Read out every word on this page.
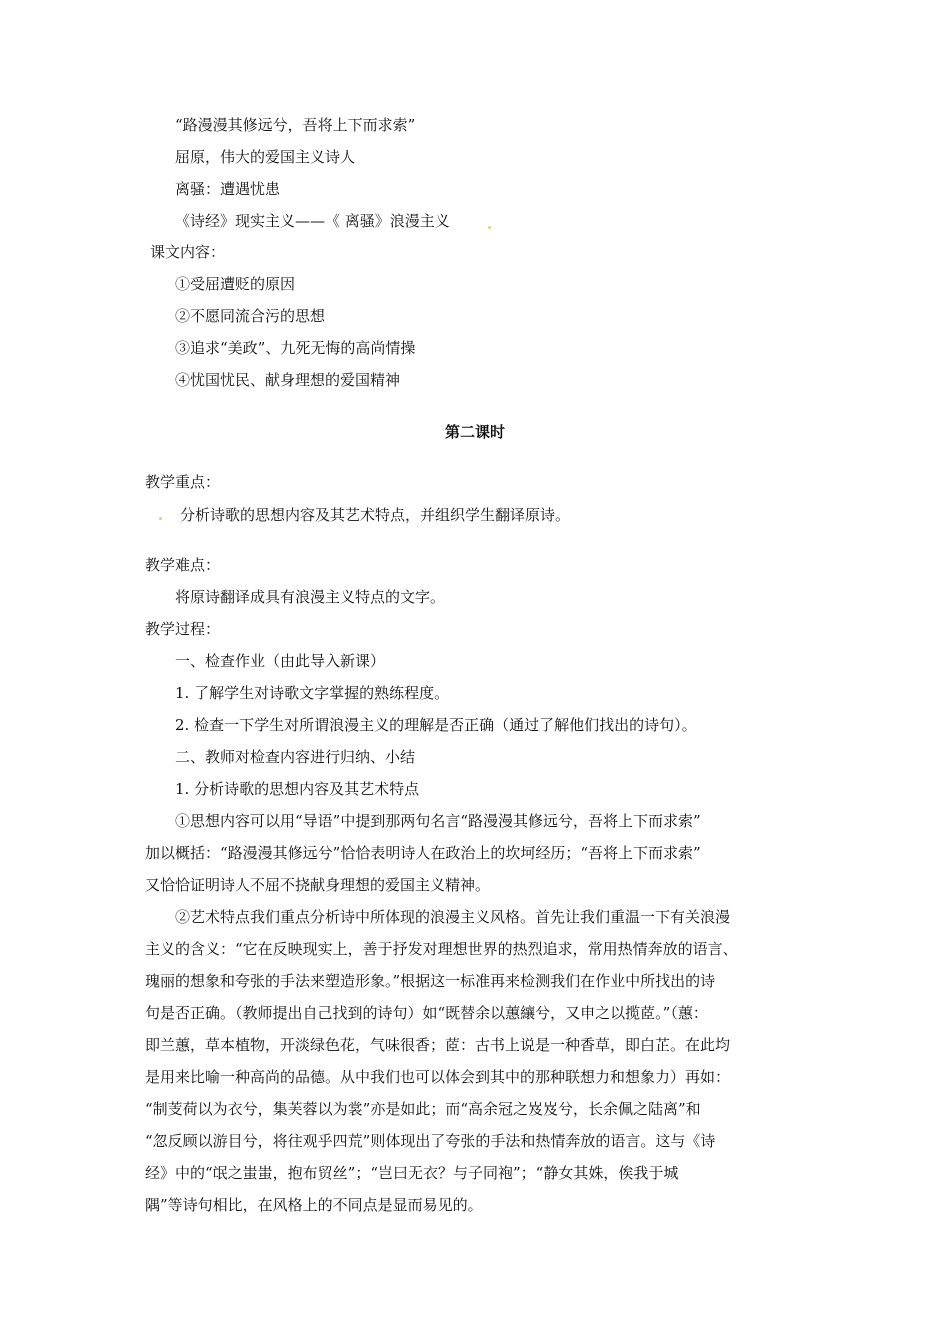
“路漫漫其修远兮，吾将上下而求索”
屈原，伟大的爱国主义诗人
离骚：遭遇忧患
《诗经》现实主义——《 离骚》浪漫主义
课文内容：
①受屈遭贬的原因
②不愿同流合污的思想
③追求“美政”、九死无悔的高尚情操
④忧国忧民、献身理想的爱国精神
第二课时
教学重点：
分析诗歌的思想内容及其艺术特点，并组织学生翻译原诗。
教学难点：
将原诗翻译成具有浪漫主义特点的文字。
教学过程：
一、检查作业（由此导入新课）
1. 了解学生对诗歌文字掌握的熟练程度。
2. 检查一下学生对所谓浪漫主义的理解是否正确（通过了解他们找出的诗句）。
二、教师对检查内容进行归纳、小结
1. 分析诗歌的思想内容及其艺术特点
①思想内容可以用“导语”中提到那两句名言“路漫漫其修远兮，吾将上下而求索”
加以概括：“路漫漫其修远兮”恰恰表明诗人在政治上的坎坷经历；“吾将上下而求索”
又恰恰证明诗人不屈不挠献身理想的爱国主义精神。
②艺术特点我们重点分析诗中所体现的浪漫主义风格。首先让我们重温一下有关浪漫
主义的含义：“它在反映现实上，善于抒发对理想世界的热烈追求，常用热情奔放的语言、
瑰丽的想象和夸张的手法来塑造形象。”根据这一标准再来检测我们在作业中所找出的诗
句是否正确。（教师提出自己找到的诗句）如“既替余以蕙纕兮，又申之以揽茝。”（蕙：
即兰蕙，草本植物，开淡绿色花，气味很香；茝：古书上说是一种香草，即白芷。在此均
是用来比喻一种高尚的品德。从中我们也可以体会到其中的那种联想力和想象力）再如：
“制芰荷以为衣兮，集芙蓉以为裳”亦是如此；而“高余冠之岌岌兮，长余佩之陆离”和
“忽反顾以游目兮，将往观乎四荒”则体现出了夸张的手法和热情奔放的语言。这与《诗
经》中的“氓之蚩蚩，抱布贸丝”；“岂曰无衣？与子同袍”；“静女其姝，俟我于城
隅”等诗句相比，在风格上的不同点是显而易见的。
